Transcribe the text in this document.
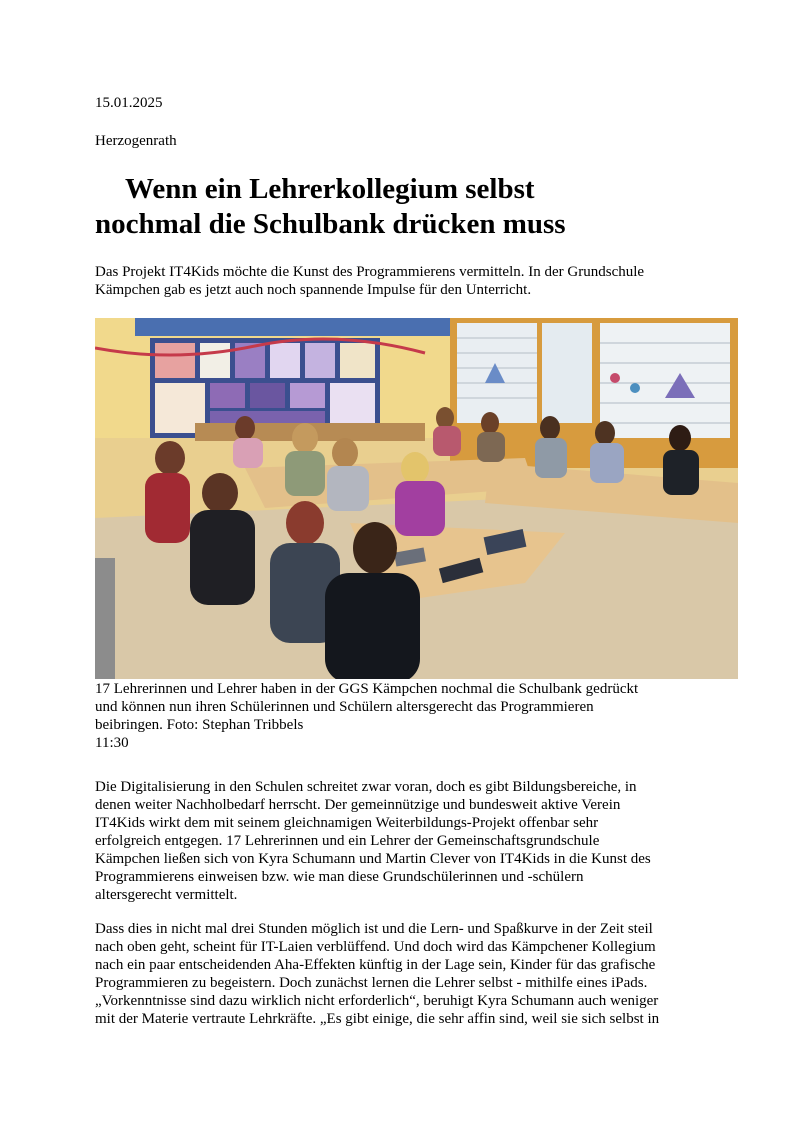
15.01.2025
Herzogenrath
Wenn ein Lehrerkollegium selbst
nochmal die Schulbank drücken muss

Das Projekt IT4Kids möchte die Kunst des Programmierens vermitteln. In der Grundschule
Kämpchen gab es jetzt auch noch spannende Impulse für den Unterricht.

17 Lehrerinnen und Lehrer haben in der GGS Kämpchen nochmal die Schulbank gedrückt
und können nun ihren Schülerinnen und Schülern altersgerecht das Programmieren
beibringen. Foto: Stephan Tribbels
11:30

Die Digitalisierung in den Schulen schreitet zwar voran, doch es gibt Bildungsbereiche, in
denen weiter Nachholbedarf herrscht. Der gemeinnützige und bundesweit aktive Verein
IT4Kids wirkt dem mit seinem gleichnamigen Weiterbildungs-Projekt offenbar sehr
erfolgreich entgegen. 17 Lehrerinnen und ein Lehrer der Gemeinschaftsgrundschule
Kämpchen ließen sich von Kyra Schumann und Martin Clever von IT4Kids in die Kunst des
Programmierens einweisen bzw. wie man diese Grundschülerinnen und -schülern
altersgerecht vermittelt.

Dass dies in nicht mal drei Stunden möglich ist und die Lern- und Spaßkurve in der Zeit steil
nach oben geht, scheint für IT-Laien verblüffend. Und doch wird das Kämpchener Kollegium
nach ein paar entscheidenden Aha-Effekten künftig in der Lage sein, Kinder für das grafische
Programmieren zu begeistern. Doch zunächst lernen die Lehrer selbst - mithilfe eines iPads.
„Vorkenntnisse sind dazu wirklich nicht erforderlich“, beruhigt Kyra Schumann auch weniger
mit der Materie vertraute Lehrkräfte. „Es gibt einige, die sehr affin sind, weil sie sich selbst in
